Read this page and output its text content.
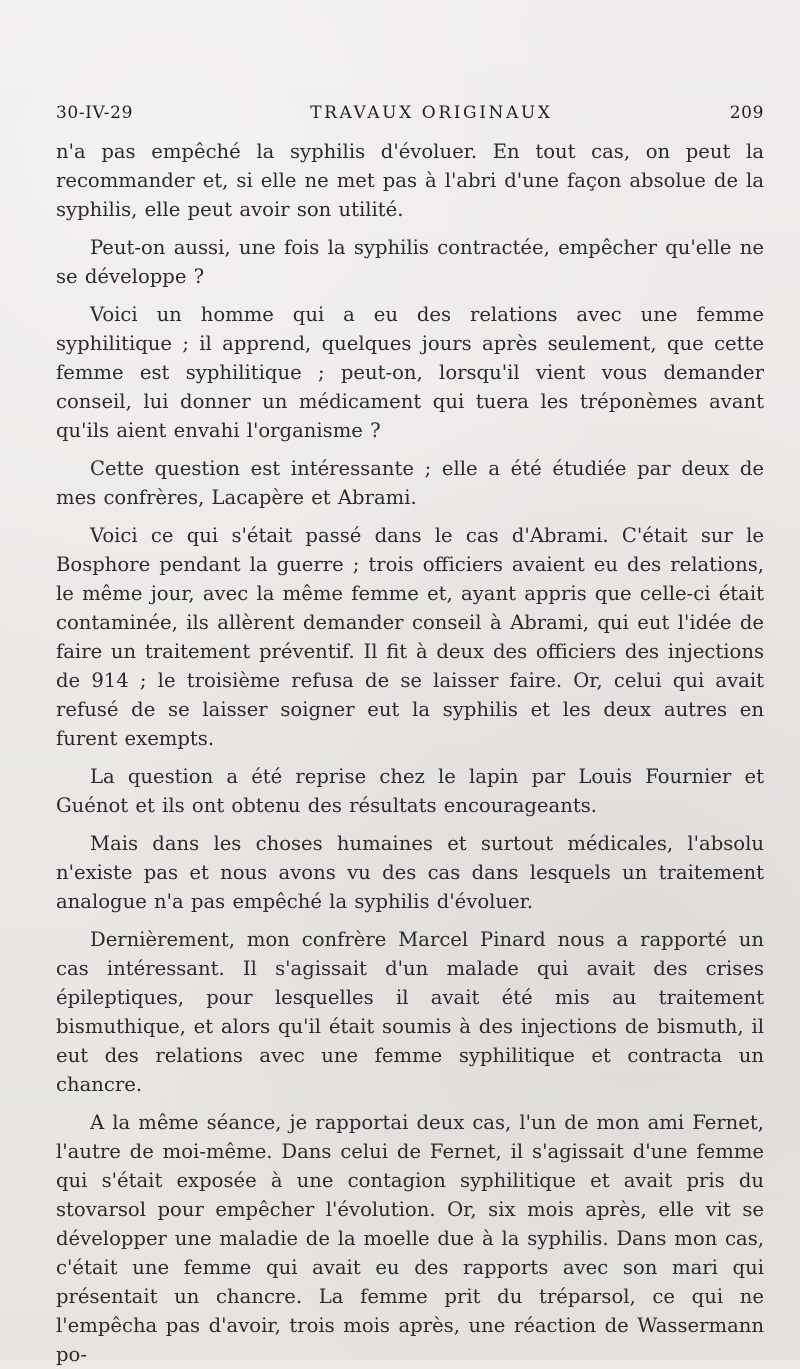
30-IV-29	TRAVAUX ORIGINAUX	209

n'a pas empêché la syphilis d'évoluer. En tout cas, on peut la recommander et, si elle ne met pas à l'abri d'une façon absolue de la syphilis, elle peut avoir son utilité.

Peut-on aussi, une fois la syphilis contractée, empêcher qu'elle ne se développe ?

Voici un homme qui a eu des relations avec une femme syphilitique ; il apprend, quelques jours après seulement, que cette femme est syphilitique ; peut-on, lorsqu'il vient vous demander conseil, lui donner un médicament qui tuera les tréponèmes avant qu'ils aient envahi l'organisme ?

Cette question est intéressante ; elle a été étudiée par deux de mes confrères, Lacapère et Abrami.

Voici ce qui s'était passé dans le cas d'Abrami. C'était sur le Bosphore pendant la guerre ; trois officiers avaient eu des relations, le même jour, avec la même femme et, ayant appris que celle-ci était contaminée, ils allèrent demander conseil à Abrami, qui eut l'idée de faire un traitement préventif. Il fit à deux des officiers des injections de 914 ; le troisième refusa de se laisser faire. Or, celui qui avait refusé de se laisser soigner eut la syphilis et les deux autres en furent exempts.

La question a été reprise chez le lapin par Louis Fournier et Guénot et ils ont obtenu des résultats encourageants.

Mais dans les choses humaines et surtout médicales, l'absolu n'existe pas et nous avons vu des cas dans lesquels un traitement analogue n'a pas empêché la syphilis d'évoluer.

Dernièrement, mon confrère Marcel Pinard nous a rapporté un cas intéressant. Il s'agissait d'un malade qui avait des crises épileptiques, pour lesquelles il avait été mis au traitement bismuthique, et alors qu'il était soumis à des injections de bismuth, il eut des relations avec une femme syphilitique et contracta un chancre.

A la même séance, je rapportai deux cas, l'un de mon ami Fernet, l'autre de moi-même. Dans celui de Fernet, il s'agissait d'une femme qui s'était exposée à une contagion syphilitique et avait pris du stovarsol pour empêcher l'évolution. Or, six mois après, elle vit se développer une maladie de la moelle due à la syphilis. Dans mon cas, c'était une femme qui avait eu des rapports avec son mari qui présentait un chancre. La femme prit du tréparsol, ce qui ne l'empêcha pas d'avoir, trois mois après, une réaction de Wassermann po-
